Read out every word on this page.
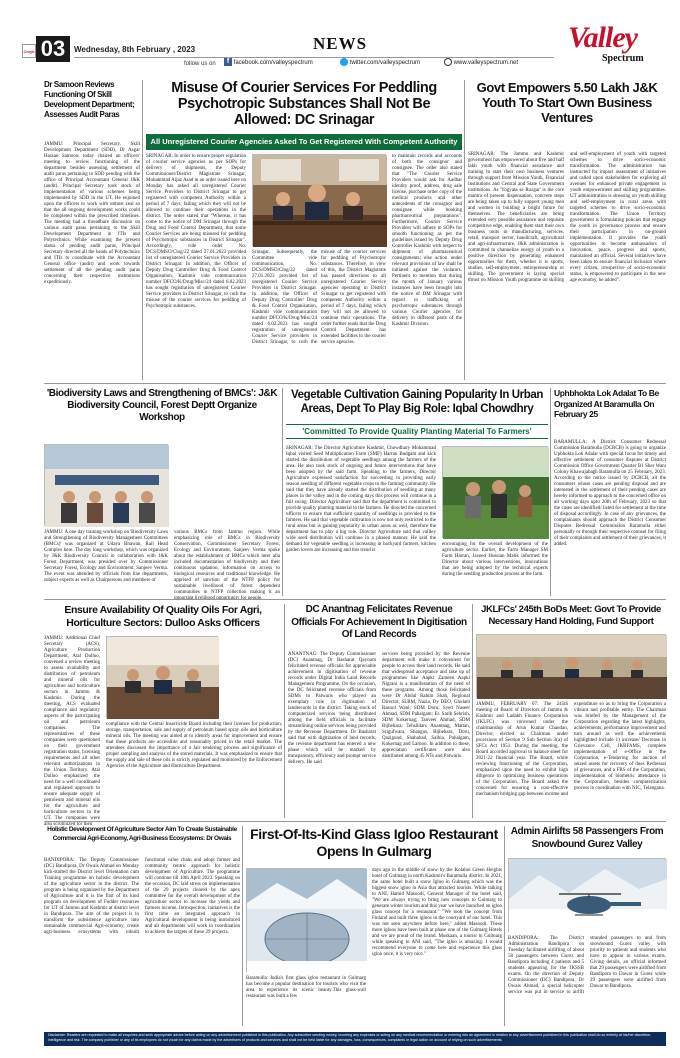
Cmyk 03	Wednesday, 8th February , 2023	NEWS
follow us on	f facebook.com/valleyspectrum	twitter.com/valleyspectrum	www.valleyspectrum.net
Valley
Spectrum
Dr Samoon Reviews Functioning Of Skill Development Department; Assesses Audit Paras
JAMMU: Principal Secretary, Skill Development Department (SDD), Dr Asgar Hassan Samoon, today chaired an officers' meeting to review functioning of the department besides assessing settlement of audit paras pertaining to SDD pending with the office of Principal Accountant General J&K (audit). Principal Secretary took stock of implementation of various schemes being implemented by SDD in the UT. He enjoined upon the officers to work with utmost zeal so that the all ongoing development works could be completed within the prescribed timelines. The meeting had a threadbare discussion on various audit paras pertaining to the Skill Development Department in ITIs and Polytechnics. While examining the present status of pending audit paras, Principal Secretary directed all the heads of Polytechnics and ITIs to coordinate with the Accountant General office (audit) and work towards settlement of all the pending audit paras concerning their respective institutions expeditiously.
Misuse Of Courier Services For Peddling Psychotropic Substances Shall Not Be Allowed: DC Srinagar
All Unregistered Courier Agencies Asked To Get Registered With Competent Authority
SRINAGAR: In order to ensure proper regulation of courier service agencies as per SOPs for delivery of shipments, the Deputy Commissioner/District Magistrate Srinagar, Mohammad Aijaz Asad in an order issued here on Monday has asked all unregistered Courier Service Providers in District Srinagar to get registered with competent Authority within a period of 7 days, failing which they will not be allowed to continue their operations in the district. The order stated that "Whereas, it has come to the notice of DM Srinagar through the Drug and Food Control Department, that some Courier Services are being misused for peddling of Psychotropic substances in District Srinagar". Accordingly, vide order No. DCS/DMSO/Clog/22 dated 27.01.2023 provided list of unregistered Courier Service Providers in District Srinagar. In addition, the Officer of Deputy Drug Controller/ Drug & Food Control Organisation, Kashmir vide communication number DFCO/K/Drug/Misc/24 dated 6.02.2023 has sought registration of unregistered Courier Service providers in District Srinagar, to curb the misuse of the courier services for peddling of Psychotropic substances.
Srinagar. Subsequently, the Committee vide communication, No. DCS/DMSO/Clog/22 dated 27.01.2023 provided list of unregistered Courier Service Providers in District Srinagar. In addition, the Officer of Deputy Drug Controller/ Drug & Food Control Organisation, Kashmir vide communication number DFCO/K/Drug/Misc/24 dated 6.02.2023 has sought registration of unregistered Courier Service providers in District Srinagar, to curb the misuse of the courier services for peddling of Psychotropic substances. Therefore, in view of this, the District Magistrate has passed directions to all unregistered Courier Service agencies operating in District Srinagar to get registered with competent Authority within a period of 7 days, failing which they will not be allowed to continue their operations. The order further reads that the Drug Control Department has extended facilities to the courier service agencies.
to maintain records and accounts of both the consignor and consignee. The order also stated that "The Courier Service Providers would ask for Aadhar identity proof, address, drug sale license, purchase order copy of the medical products and other antecedents of the consignor and consignee while booking pharmaceutical preparations". Furthermore, Courier Service Providers will adhere to SOPs for smooth functioning as per the guidelines issued by Deputy Drug Controller Kashmir with respect to shipment of pharmaceutical consignments; else action under relevant provisions of law shall be initiated against the violators. Pertinent to mention that during the month of January various instances have been brought into the notice of DM Srinagar with regard to trafficking of psychotropic substances through various Courier agencies for delivery in different parts of the Kashmir Division.
Govt Empowers 5.50 Lakh J&K Youth To Start Own Business Ventures
SRINAGAR: The Jammu and Kashmir government has empowered about five and half lakh youth with financial assistance and training to start their own business ventures through support from Mission Youth, Financial Institutions and Central and State Government institutions. As 'Yogyata se Rozgar' is the core mantra of present dispensation, concrete steps are being taken up to fully support young men and women in building a bright future for themselves. The beneficiaries are being extended very possible assistance and requisite competitive edge, enabling them start their own business units in manufacturing, services, retail, transport sector, handicraft, agricultural and agri-infrastructure. J&K administration is committed to channelize energy of youth in a positive direction by generating enhanced opportunities for them, whether it is sports, studies, self-employment, entrepreneurship or skilling. The government is laying special thrust on Mission Youth programme on skilling and self-employment of youth with targeted schemes to drive socio-economic transformation. The administration has instructed for impact assessment of initiatives and called upon stakeholders for exploring all avenues for enhanced private engagement in youth empowerment and skilling programmes. UT administration is stressing on youth skilling and self-employment in rural areas with targeted schemes to drive socio-economic transformation. The Union Territory government is formulating policies that engage the youth in governance process and ensure their participation in on-ground implementation. It provides the youth opportunities to become ambassadors of innovation, peace, progress and sports, maintained an official. Several initiatives have been taken to ensure financial inclusion where every citizen, irrespective of socio-economic status, is empowered to participate in the new age economy, he added".
'Biodiversity Laws and Strengthening of BMCs': J&K Biodiversity Council, Forest Deptt Organize Workshop
JAMMU: A one day training workshop on 'Biodiversity Laws and Strengthening of Biodiversity Management Committees (BMCs)' was organized at Udaya Bhawan, Rail Head Complex here. The day long workshop, which was organized by J&K Biodiversity Council in collaboration with J&K Forest Department, was presided over by Commissioner Secretary Forest, Ecology and Environment, Sanjeev Verma. The event was attended by officials from line departments, subject experts as well as Chairpersons and members of
various BMCs from Jammu region. While emphasizing role of BMCs in Biodiversity Conservation, Commissioner Secretary Forest, Ecology and Environment, Sanjeev Verma spoke about the establishment of BMCs which inter alia included documentation of biodiversity and their continuous updation, information on access to biological resources and traditional knowledge. He apprised of sanction of the NTFP policy for sustainable livelihood of forest dependent communities in NTFP collection making it an
Vegetable Cultivation Gaining Popularity In Urban Areas, Dept To Play Big Role: Iqbal Chowdhry
'Committed To Provide Quality Planting Material To Farmers'
SRINAGAR: The Director Agriculture Kashmir, Chowdhary Mohammad Iqbal visited Seed Multiplication Farm (SMF) Harran Budgam and kick started the distribution of vegetable seedlings among the farmers of the area. He also took stock of ongoing and future interventions that have been adopted by the said farm. Speaking to the farmers, Director Agriculture expressed satisfaction for succeeding in providing early season seedling of different vegetable crops to the farming community. He said that they have already started the distribution of seedling at many places in the valley and in the coming days this process will continue in a full swing. Director Agriculture said that the department is committed to provide quality planting material to the farmers. He directed the concerned officers to ensure that sufficient quantity of seedlings is provided to the farmers. He said that vegetable cultivation is now not only restricted to the rural areas but is gaining popularity in urban areas as well, therefore the department has to play a big role. Director Agriculture said that vallley wide seed distribution will continue in a phased manner. He said the demand for vegetable seedling is increasing in backyard farmers, kitchen garden lovers are increasing and this trend is
encouraging for the overall development of the agriculture sector. Earlier, the Farm Manager SM Farm Harran, Javeed Hussian Malik informed the Director about various interventions, innovations that are being adopted by the technical experts during the seedling production process at the farm.
Uphbhokta Lok Adalat To Be Organized At Baramulla On February 25
BARAMULLA: A District Consumer Redressal Commission Baramulla (DCRCB) is going to organize Upbhokta Lok Adalat with special focus for timely and effective settlement of consumer disputes at District Commission Office Government Quarter B1 Sher Wani Colony Khawajabagh Baramulla on 25 February, 2023. According to the notice issued by DCRCB, all the consumers whose cases are pending disposal and are interested in the settlement of their pending cases are hereby informed to approach to the concerned office on all working days upto 20th of February, 2023 so that the cases are identified/ listed for settlement at the time of disposal accordingly. In case of any grievances, the complainants should approach the District Consumer Disputes Redressal Commission Baramulla either personally or through their respective counsel for filing of their complaints and settlement of their grievances, it added.
Ensure Availability Of Quality Oils For Agri, Horticulture Sectors: Dulloo Asks Officers
JAMMU: Additional Chief Secretary (ACS), Agriculture Production Department, Atal Dulloo, convened a review meeting to assess availability and distribution of petroleum and mineral oils for agriculture and horticulture sectors in Jammu & Kashmir. During the meeting, ACS evaluated compliance and regulatory aspects of the participating oil and petroleum companies. The representatives of these companies were questioned on their government registration status, licensing requirements and all other relevant authorizations in the Union Territory. Atal Dulloo emphasized the need for a well coordinated and regulated approach to ensure adequate supply of petroleum and mineral oils for the agriculture and horticulture sectors in the UT. The companies were also scrutinized for their
compliance with the Central Insecticide Board including their licenses for production, storage, transportation, sale and supply of petroleum based spray oils and horticulture mineral oils. The meeting was aimed at to identify areas for improvement and ensure that these products are accessible and reasonably priced in the retail market. The attendees discussed the importance of a fair tendering process and significance of proper sampling and analysis of the stored materials. It was emphasized to ensure that the supply and sale of these oils is strictly regulated and monitored by the Enforcement Agencies of the Agriculture and Horticulture Department.
DC Anantnag Felicitates Revenue Officials For Achievement In Digitisation Of Land Records
ANANTNAG: The Deputy Commissioner (DC) Anantnag, Dr Basharat Qayoom felicitated revenue officials for appreciable achievement in digitisation of revenue records under Digital India Land Records Management Programme. On the occasion, the DC felicitated revenue officials from SDMs to Patwaris who played an exemplary role in digitisation of landrecords in the district. Taking stock of computerized services being distributed among the field officials to facilitate streamlining online services being provided by the Revenue Department. Dr Basharat said that with digitization of land records, the revenue department has entered a new phase which will be marked by transparency, efficiency and prompt service delivery. He said
services being provided by the Revenue department will make it convenient for people to access their land records. He said that widespread acceptance and take up of programmes like Aapki Zameen Aapki Nigrani is a manifestation of the need of these programs. Among those felicitated were Dr Abdul Rahim Shah, Regional Director, SLRM, Nazia, Dy DEO, Ghulam Rasool Wani, SDM Doru; Syed Naseer Ahmad, SDM Pahalgam; Er. Sarib Sehrish, SDM Kokernag; Tanveer Ahmad, SDM Bijbehara; Tehsildars Anantnag, Mattan, Srigufwara, Shangus, Bijbehara, Doru, Qazigund, Shahabad, Salhia, Pahalgam, Kokernag and Larnoo. In addition to these, appreciation certificates were also distributed among 45 NTs and Patwaris.
JKLFCs' 245th BoDs Meet: Govt To Provide Necessary Hand Holding, Fund Support
JAMMU, FEBRUARY 07: The 245th meeting of Board of Directors of Jammu & Kashmir and Ladakh Finance Corporation (JKLFC) was convened under the chairmanship of Arun Kumar Chandan, Director, elected as Chairman under provisions of Section 9 Sub Section 3(a) of SFCs Act 1951. During the meeting, the Board accorded approval to balance sheet for 2021-22 financial year. The Board, while reviewing functioning of the Corporation, emphasized upon the need to exhibit high diligence in optimizing business operations of the Corporation. The Board asked the concerned for ensuring a cost-effective mechanism bridging gap between income and expenditure so as to bring the Corporation a vibrant and profitable entity. The Chairman was briefed by the Management of the Corporation regarding the latest highlights, achievements, performance improvement and turn around as well the achievements highlighted include 1) increase/ Decrease in Grievance Cell, JKBFAMS, complete implementation of e-Office in the Corporation, e-Tendering for auction of seized assets for recovery of dues Redressal of grievances, and a FRS of the Corporation, implementation of biometric attendance in the Corporation, besides computerization process in coordination with NIC, Telangana.
Holistic Development Of Agriculture Sector Aim To Create Sustainable Commercial Agri-Economy, Agri-Business Ecosystems: Dr Owais
BANDIPORA: The Deputy Commissioner (DC) Bandipora, Dr Owais Ahmad on Monday kick-started the District level Orientation cum Training programme on holistic development of the agriculture sector in the district. The program is being organized by the Department of Agriculture and it is the first of its kind program on development of Fodder resources for UT of Jammu and Kashmir at district level in Bandipora. The aim of the project is to transform the subsistence agriculture into sustainable commercial Agri-economy, create agri-business ecosystems with inbuilt functional value chain and adopt farmer and community centric approach for holistic development of Agriculture. The programme will continue till 10th April 2023. Speaking on the occasion, DC laid stress on implementation of the 29 projects cleared by the apex committee for the overall development of the agriculture sector to increase the yields and farmers income. Introspection, initiatives is the first time an integrated approach in Agricultural development is being introduced and all departments will work in coordination to achieve the targets of these 29 projects.
First-Of-Its-Kind Glass Igloo Restaurant Opens In Gulmarg
Baramulla: India's first glass igloo restaurant in Gulmarg has become a popular destination for tourists who visit the area to experience its scenic beauty.This glass-wall restaurant was built a few
days ago in the middle of snow by the Kolahoi Green Heights hotel of Gulmarg in north Kashmir's Baramulla district. In 2021, the same hotel built a snow Igloo in Gulmarg which was the biggest snow igloo in Asia that attracted tourists. While talking to ANI, Hamid Masoodi, General Manager of the hotel said, "We are always trying to bring new concepts to Gulmarg to generate winter tourism and this year we have launched an igloo glass concept for a restaurant." "We took the concept from Finland and built three igloos in the courtyard of our hotel. This was not seen anywhere before here," added Masoodi. These more igloos have been built at phase one of the Gulmarg Hotels and we are proud of the brand. Muskaan, a tourist in Gulmarg while speaking to ANI said, "The igloo is amazing. I would recommend everyone to come here and experience this glass igloo once, it is very nice."
Admin Airlifts 58 Passengers From Snowbound Gurez Valley
BANDIPORA: The District Administration Bandipora on Tuesday facilitated airlifting of about 58 passengers between Gurez and Bandipora including 4 patients and 5 students appearing for the JKSSB exams. On the direction of Deputy Commissioner (DC) Bandipora, Dr Owais Ahmad, a special helicopter service was put in service to airlift stranded passengers to and from snowbound Gurez valley with priority to patients and students who have to appear in various exams. Giving details, an official informed that 29 passengers were airlifted from Bandipora to Dawar in Gurez while 29 passengers were airlifted from Dawar to Bandipora.
Disclaimer: Readers are requested to make all enquiries and seek appropriate advice before acting on any advertisement published in this publication. Any subscriber sending money, incurring any expenses or acting on any medical recommendation or entering into an agreement in relation to any advertisement published in this publication shall do so entirely at his/her discretion, intelligence and risk. The company publisher or any of its employees do not vouch for any claims made by the advertisers of products and services and shall not be held liable for any damages, loss, consequences, complaints or legal action on account of relying on such advertisements.
